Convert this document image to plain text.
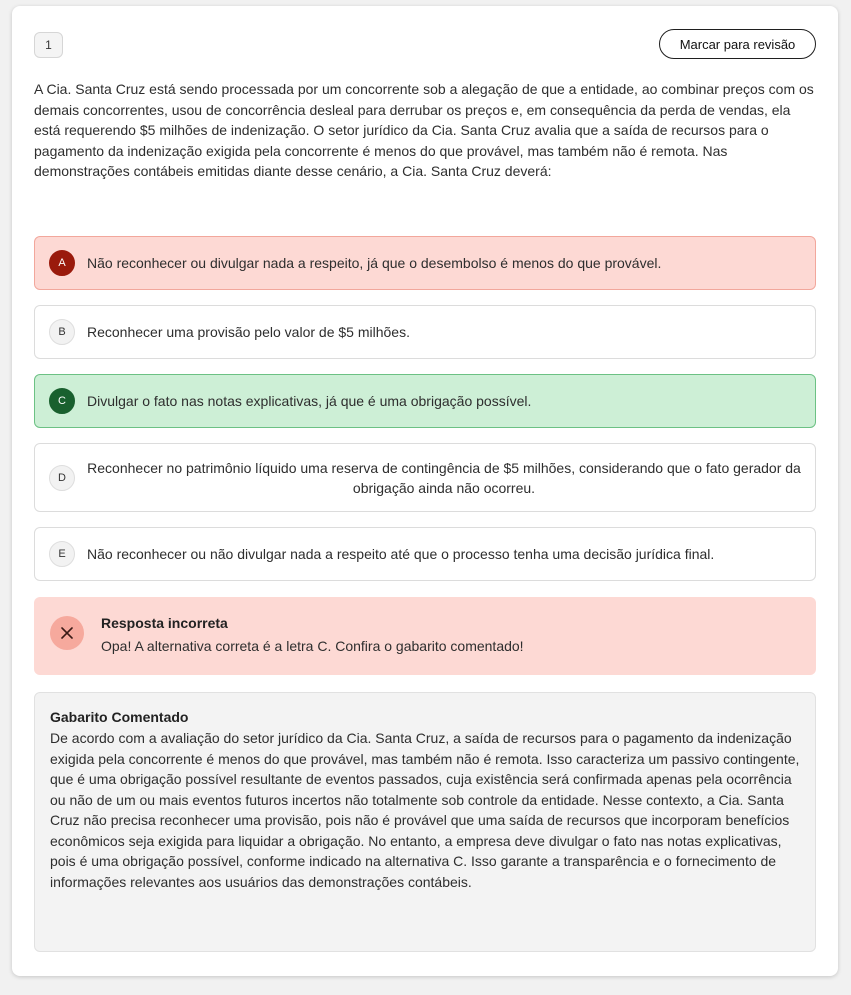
1	Marcar para revisão

A Cia. Santa Cruz está sendo processada por um concorrente sob a alegação de que a entidade, ao combinar preços com os demais concorrentes, usou de concorrência desleal para derrubar os preços e, em consequência da perda de vendas, ela está requerendo $5 milhões de indenização. O setor jurídico da Cia. Santa Cruz avalia que a saída de recursos para o pagamento da indenização exigida pela concorrente é menos do que provável, mas também não é remota. Nas demonstrações contábeis emitidas diante desse cenário, a Cia. Santa Cruz deverá:

A	Não reconhecer ou divulgar nada a respeito, já que o desembolso é menos do que provável.
B	Reconhecer uma provisão pelo valor de $5 milhões.
C	Divulgar o fato nas notas explicativas, já que é uma obrigação possível.
D
Reconhecer no patrimônio líquido uma reserva de contingência de $5 milhões, considerando que o fato gerador da obrigação ainda não ocorreu.
E	Não reconhecer ou não divulgar nada a respeito até que o processo tenha uma decisão jurídica final.
Resposta incorreta
Opa! A alternativa correta é a letra C. Confira o gabarito comentado!
Gabarito Comentado

De acordo com a avaliação do setor jurídico da Cia. Santa Cruz, a saída de recursos para o pagamento da indenização exigida pela concorrente é menos do que provável, mas também não é remota. Isso caracteriza um passivo contingente, que é uma obrigação possível resultante de eventos passados, cuja existência será confirmada apenas pela ocorrência ou não de um ou mais eventos futuros incertos não totalmente sob controle da entidade. Nesse contexto, a Cia. Santa Cruz não precisa reconhecer uma provisão, pois não é provável que uma saída de recursos que incorporam benefícios econômicos seja exigida para liquidar a obrigação. No entanto, a empresa deve divulgar o fato nas notas explicativas, pois é uma obrigação possível, conforme indicado na alternativa C. Isso garante a transparência e o fornecimento de informações relevantes aos usuários das demonstrações contábeis.
